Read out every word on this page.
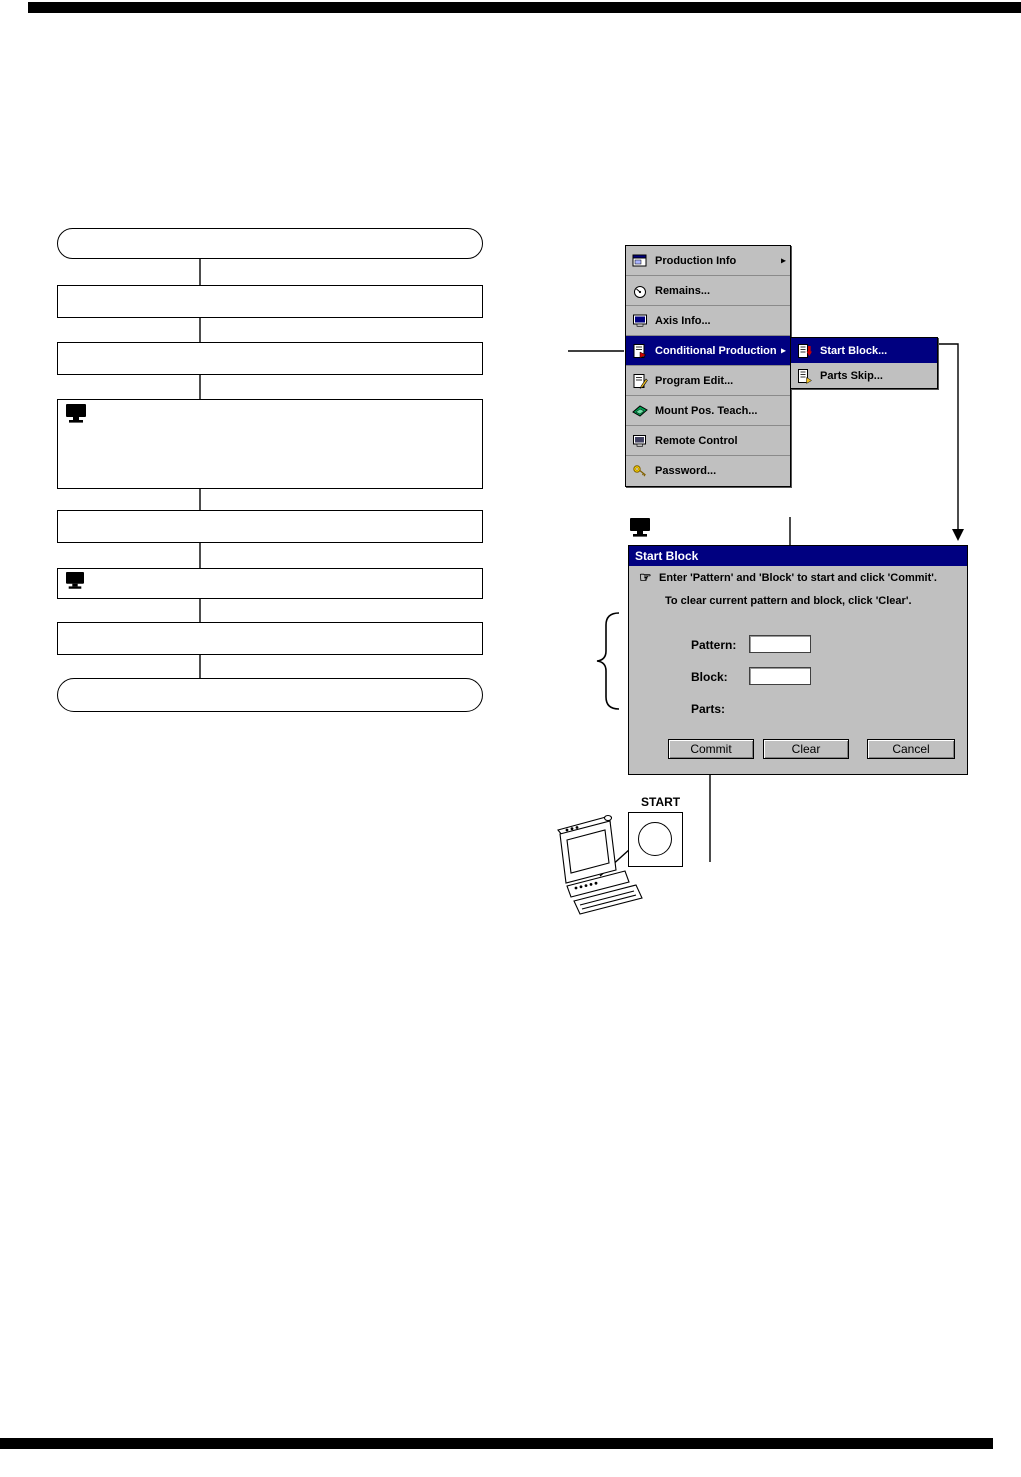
Production Info	▸
Remains...
Axis Info...
Conditional Production ▸
Program Edit...
Mount Pos. Teach...
Remote Control
Password...
Start Block...
Parts Skip...
Start Block
☞ Enter 'Pattern' and 'Block' to start and click 'Commit'.
To clear current pattern and block, click 'Clear'.
Pattern:
Block:
Parts:
Commit	Clear	Cancel
START
